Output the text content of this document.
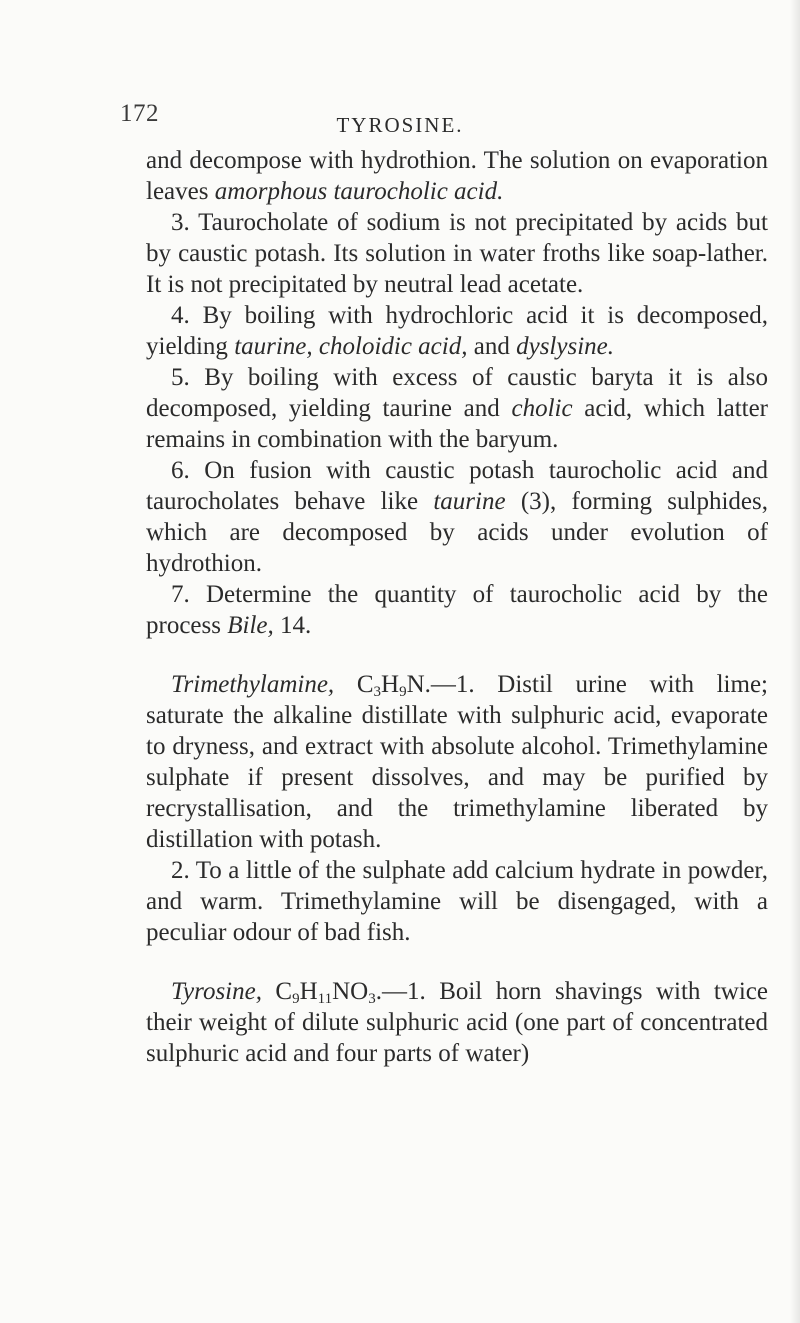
172	TYROSINE.

and decompose with hydrothion. The solution on evaporation leaves amorphous taurocholic acid.

3. Taurocholate of sodium is not precipitated by acids but by caustic potash. Its solution in water froths like soap-lather. It is not precipitated by neutral lead acetate.

4. By boiling with hydrochloric acid it is decomposed, yielding taurine, choloidic acid, and dyslysine.

5. By boiling with excess of caustic baryta it is also decomposed, yielding taurine and cholic acid, which latter remains in combination with the baryum.

6. On fusion with caustic potash taurocholic acid and taurocholates behave like taurine (3), forming sulphides, which are decomposed by acids under evolution of hydrothion.

7. Determine the quantity of taurocholic acid by the process Bile, 14.

Trimethylamine, $C_3H_9N.—1$. Distil urine with lime; saturate the alkaline distillate with sulphuric acid, evaporate to dryness, and extract with absolute alcohol. Trimethylamine sulphate if present dissolves, and may be purified by recrystallisation, and the trimethylamine liberated by distillation with potash.

2. To a little of the sulphate add calcium hydrate in powder, and warm. Trimethylamine will be disengaged, with a peculiar odour of bad fish.

Tyrosine, $C_9H_{11}NO_3.—1$. Boil horn shavings with twice their weight of dilute sulphuric acid (one part of concentrated sulphuric acid and four parts of water)
